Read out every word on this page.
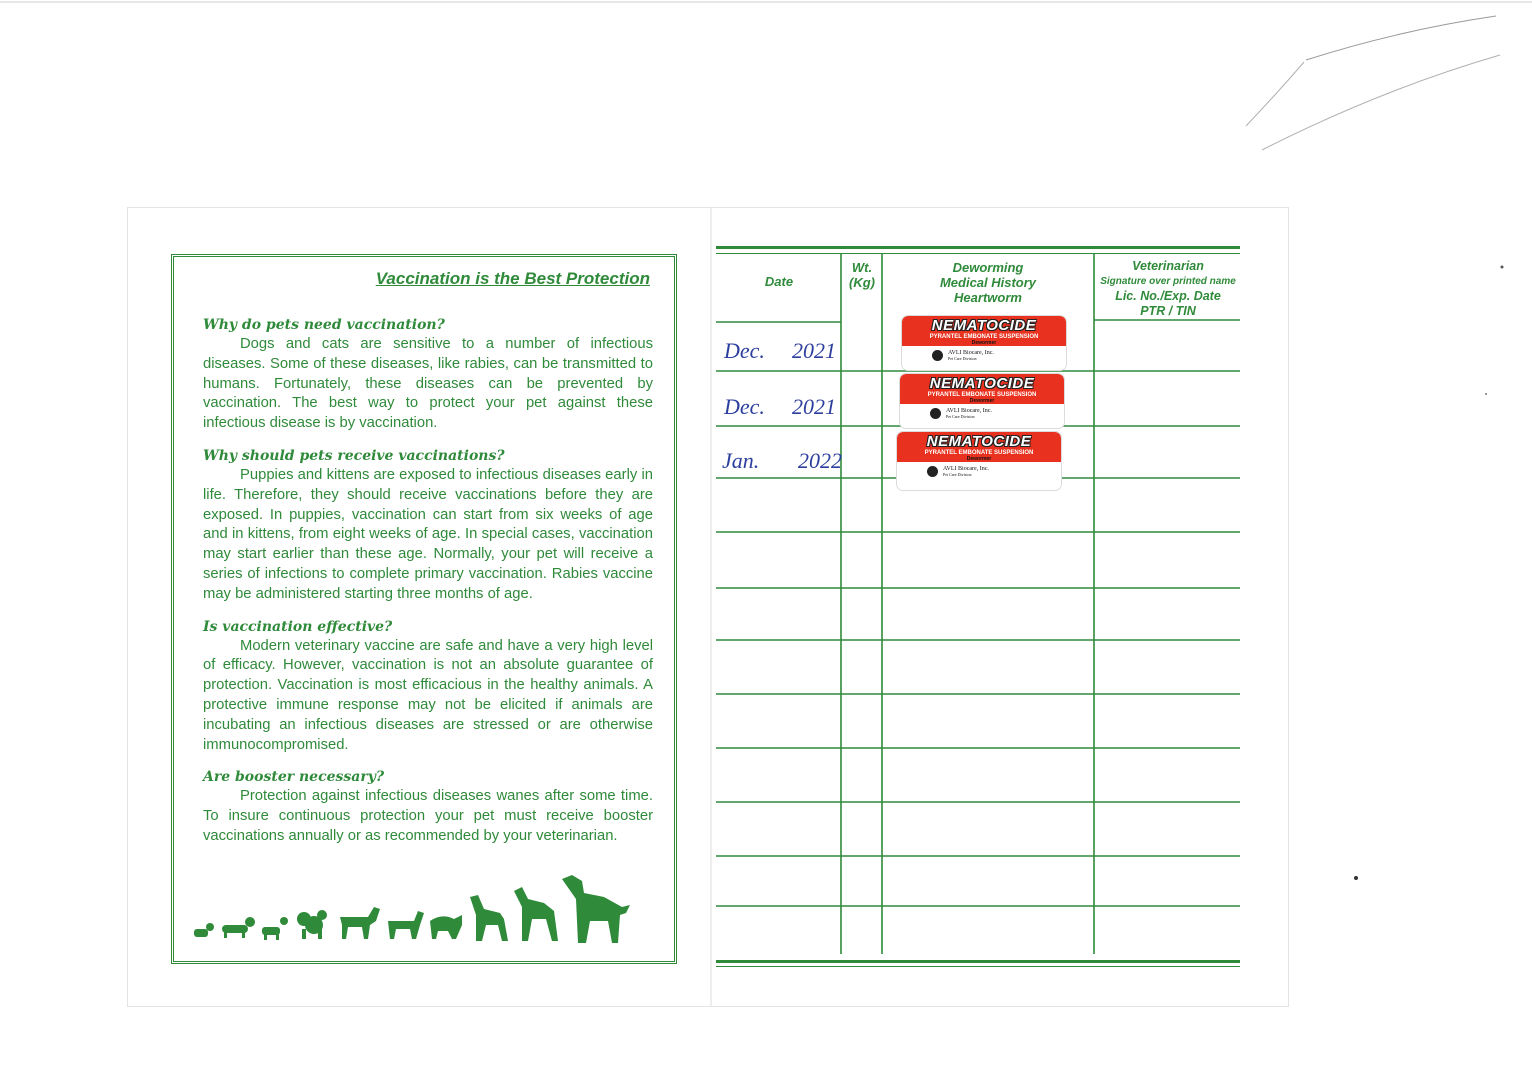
Vaccination is the Best Protection
Why do pets need vaccination?

Dogs and cats are sensitive to a number of infectious diseases. Some of these diseases, like rabies, can be transmitted to humans. Fortunately, these diseases can be prevented by vaccination. The best way to protect your pet against these infectious disease is by vaccination.

Why should pets receive vaccinations?

Puppies and kittens are exposed to infectious diseases early in life. Therefore, they should receive vaccinations before they are exposed. In puppies, vaccination can start from six weeks of age and in kittens, from eight weeks of age. In special cases, vaccination may start earlier than these age. Normally, your pet will receive a series of infections to complete primary vaccination. Rabies vaccine may be administered starting three months of age.

Is vaccination effective?

Modern veterinary vaccine are safe and have a very high level of efficacy. However, vaccination is not an absolute guarantee of protection. Vaccination is most efficacious in the healthy animals. A protective immune response may not be elicited if animals are incubating an infectious diseases are stressed or are otherwise immunocompromised.

Are booster necessary?

Protection against infectious diseases wanes after some time. To insure continuous protection your pet must receive booster vaccinations annually or as recommended by your veterinarian.

Date
Wt.
(Kg)
Deworming
Medical History
Heartworm
Veterinarian
Signature over printed name
Lic. No./Exp. Date
PTR / TIN
Dec. 2021
Dec. 2021
Jan. 2022
NEMATOCIDE
PYRANTEL EMBONATE SUSPENSION
Dewormer
AVLI Biocare, Inc.
Pet Care Division
NEMATOCIDE
PYRANTEL EMBONATE SUSPENSION
Dewormer
AVLI Biocare, Inc.
Pet Care Division
NEMATOCIDE
PYRANTEL EMBONATE SUSPENSION
Dewormer
AVLI Biocare, Inc.
Pet Care Division
